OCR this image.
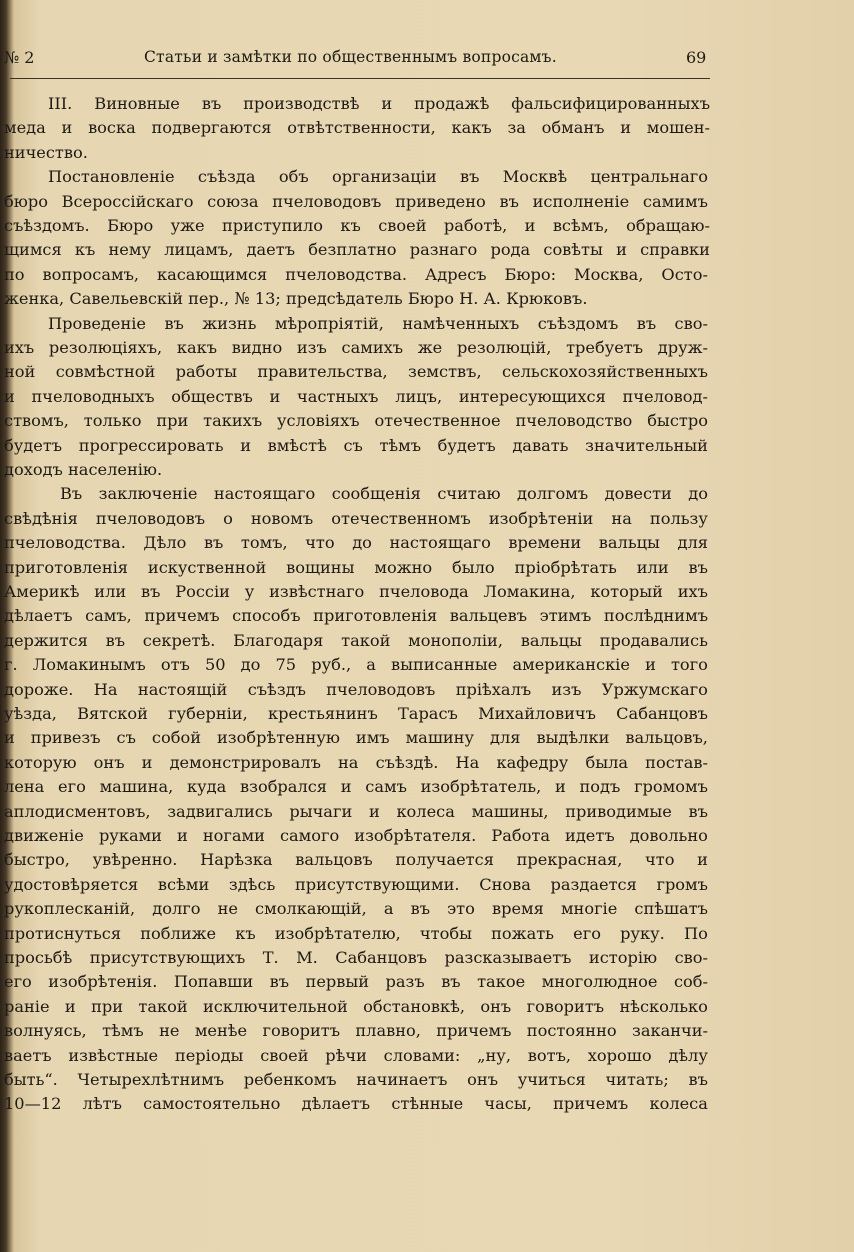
№ 2	Статьи и замѣтки по общественнымъ вопросамъ.	69
III. Виновные въ производствѣ и продажѣ фальсифицированныхъ
меда и воска подвергаются отвѣтственности, какъ за обманъ и мошен-
ничество.
Постановленіе съѣзда объ организаціи въ Москвѣ центральнаго
бюро Всероссійскаго союза пчеловодовъ приведено въ исполненіе самимъ
съѣздомъ. Бюро уже приступило къ своей работѣ, и всѣмъ, обращаю-
щимся къ нему лицамъ, даетъ безплатно разнаго рода совѣты и справки
по вопросамъ, касающимся пчеловодства. Адресъ Бюро: Москва, Осто-
женка, Савельевскій пер., № 13; предсѣдатель Бюро Н. А. Крюковъ.
Проведеніе въ жизнь мѣропріятій, намѣченныхъ съѣздомъ въ сво-
ихъ резолюціяхъ, какъ видно изъ самихъ же резолюцій, требуетъ друж-
ной совмѣстной работы правительства, земствъ, сельскохозяйственныхъ
и пчеловодныхъ обществъ и частныхъ лицъ, интересующихся пчеловод-
ствомъ, только при такихъ условіяхъ отечественное пчеловодство быстро
будетъ прогрессировать и вмѣстѣ съ тѣмъ будетъ давать значительный
доходъ населенію.
Въ заключеніе настоящаго сообщенія считаю долгомъ довести до
свѣдѣнія пчеловодовъ о новомъ отечественномъ изобрѣтеніи на пользу
пчеловодства. Дѣло въ томъ, что до настоящаго времени вальцы для
приготовленія искуственной вощины можно было пріобрѣтать или въ
Америкѣ или въ Россіи у извѣстнаго пчеловода Ломакина, который ихъ
дѣлаетъ самъ, причемъ способъ приготовленія вальцевъ этимъ послѣднимъ
держится въ секретѣ. Благодаря такой монополіи, вальцы продавались
г. Ломакинымъ отъ 50 до 75 руб., а выписанные американскіе и того
дороже. На настоящій съѣздъ пчеловодовъ пріѣхалъ изъ Уржумскаго
уѣзда, Вятской губерніи, крестьянинъ Тарасъ Михайловичъ Сабанцовъ
и привезъ съ собой изобрѣтенную имъ машину для выдѣлки вальцовъ,
которую онъ и демонстрировалъ на съѣздѣ. На кафедру была постав-
лена его машина, куда взобрался и самъ изобрѣтатель, и подъ громомъ
аплодисментовъ, задвигались рычаги и колеса машины, приводимые въ
движеніе руками и ногами самого изобрѣтателя. Работа идетъ довольно
быстро, увѣренно. Нарѣзка вальцовъ получается прекрасная, что и
удостовѣряется всѣми здѣсь присутствующими. Снова раздается громъ
рукоплесканій, долго не смолкающій, а въ это время многіе спѣшатъ
протиснуться поближе къ изобрѣтателю, чтобы пожать его руку. По
просьбѣ присутствующихъ Т. М. Сабанцовъ разсказываетъ исторію сво-
его изобрѣтенія. Попавши въ первый разъ въ такое многолюдное соб-
раніе и при такой исключительной обстановкѣ, онъ говоритъ нѣсколько
волнуясь, тѣмъ не менѣе говоритъ плавно, причемъ постоянно заканчи-
ваетъ извѣстные періоды своей рѣчи словами: „ну, вотъ, хорошо дѣлу
быть“. Четырехлѣтнимъ ребенкомъ начинаетъ онъ учиться читать; въ
10—12 лѣтъ самостоятельно дѣлаетъ стѣнные часы, причемъ колеса
